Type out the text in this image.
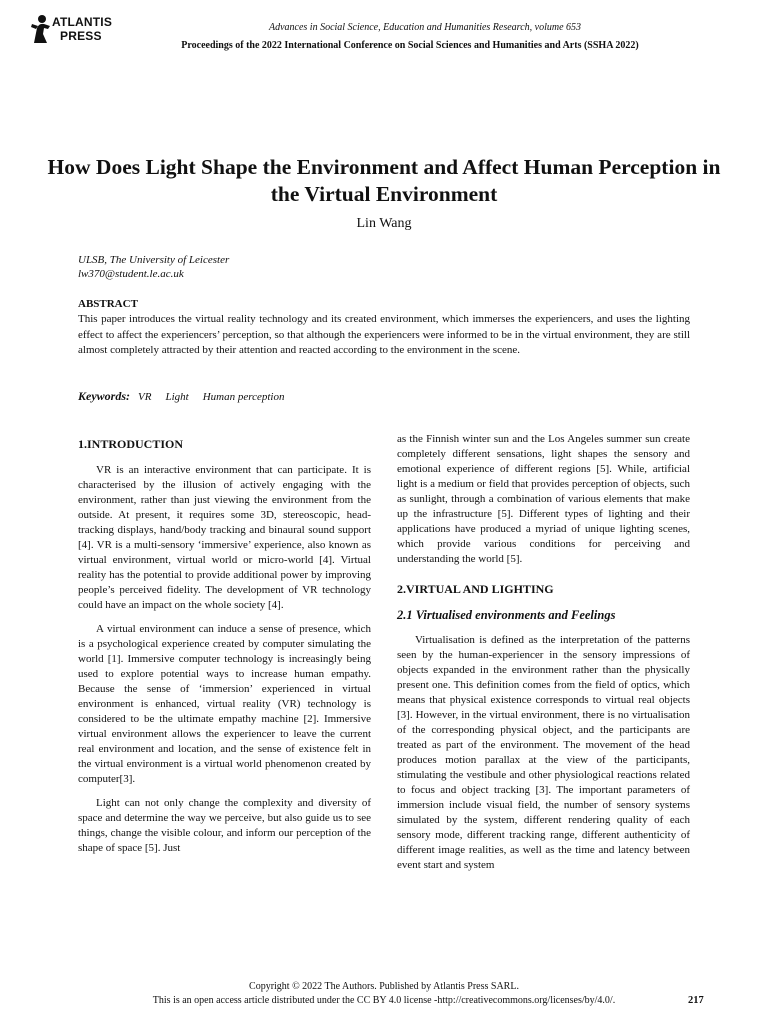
ATLANTIS
PRESS
Advances in Social Science, Education and Humanities Research, volume 653
Proceedings of the 2022 International Conference on Social Sciences and Humanities and Arts (SSHA 2022)
How Does Light Shape the Environment and Affect Human Perception in the Virtual Environment
Lin Wang
ULSB, The University of Leicester
lw370@student.le.ac.uk
ABSTRACT
This paper introduces the virtual reality technology and its created environment, which immerses the experiencers, and uses the lighting effect to affect the experiencers’ perception, so that although the experiencers were informed to be in the virtual environment, they are still almost completely attracted by their attention and reacted according to the environment in the scene.
Keywords: VR Light Human perception
1.INTRODUCTION

VR is an interactive environment that can participate. It is characterised by the illusion of actively engaging with the environment, rather than just viewing the environment from the outside. At present, it requires some 3D, stereoscopic, head-tracking displays, hand/body tracking and binaural sound support [4]. VR is a multi-sensory ‘immersive’ experience, also known as virtual environment, virtual world or micro-world [4]. Virtual reality has the potential to provide additional power by improving people’s perceived fidelity. The development of VR technology could have an impact on the whole society [4].

A virtual environment can induce a sense of presence, which is a psychological experience created by computer simulating the world [1]. Immersive computer technology is increasingly being used to explore potential ways to increase human empathy. Because the sense of ‘immersion’ experienced in virtual environment is enhanced, virtual reality (VR) technology is considered to be the ultimate empathy machine [2]. Immersive virtual environment allows the experiencer to leave the current real environment and location, and the sense of existence felt in the virtual environment is a virtual world phenomenon created by computer[3].

Light can not only change the complexity and diversity of space and determine the way we perceive, but also guide us to see things, change the visible colour, and inform our perception of the shape of space [5]. Just

as the Finnish winter sun and the Los Angeles summer sun create completely different sensations, light shapes the sensory and emotional experience of different regions [5]. While, artificial light is a medium or field that provides perception of objects, such as sunlight, through a combination of various elements that make up the infrastructure [5]. Different types of lighting and their applications have produced a myriad of unique lighting scenes, which provide various conditions for perceiving and understanding the world [5].

2.VIRTUAL AND LIGHTING
2.1 Virtualised environments and Feelings

Virtualisation is defined as the interpretation of the patterns seen by the human-experiencer in the sensory impressions of objects expanded in the environment rather than the physically present one. This definition comes from the field of optics, which means that physical existence corresponds to virtual real objects [3]. However, in the virtual environment, there is no virtualisation of the corresponding physical object, and the participants are treated as part of the environment. The movement of the head produces motion parallax at the view of the participants, stimulating the vestibule and other physiological reactions related to focus and object tracking [3]. The important parameters of immersion include visual field, the number of sensory systems simulated by the system, different rendering quality of each sensory mode, different tracking range, different authenticity of different image realities, as well as the time and latency between event start and system

Copyright © 2022 The Authors. Published by Atlantis Press SARL.
This is an open access article distributed under the CC BY 4.0 license -http://creativecommons.org/licenses/by/4.0/.	217
